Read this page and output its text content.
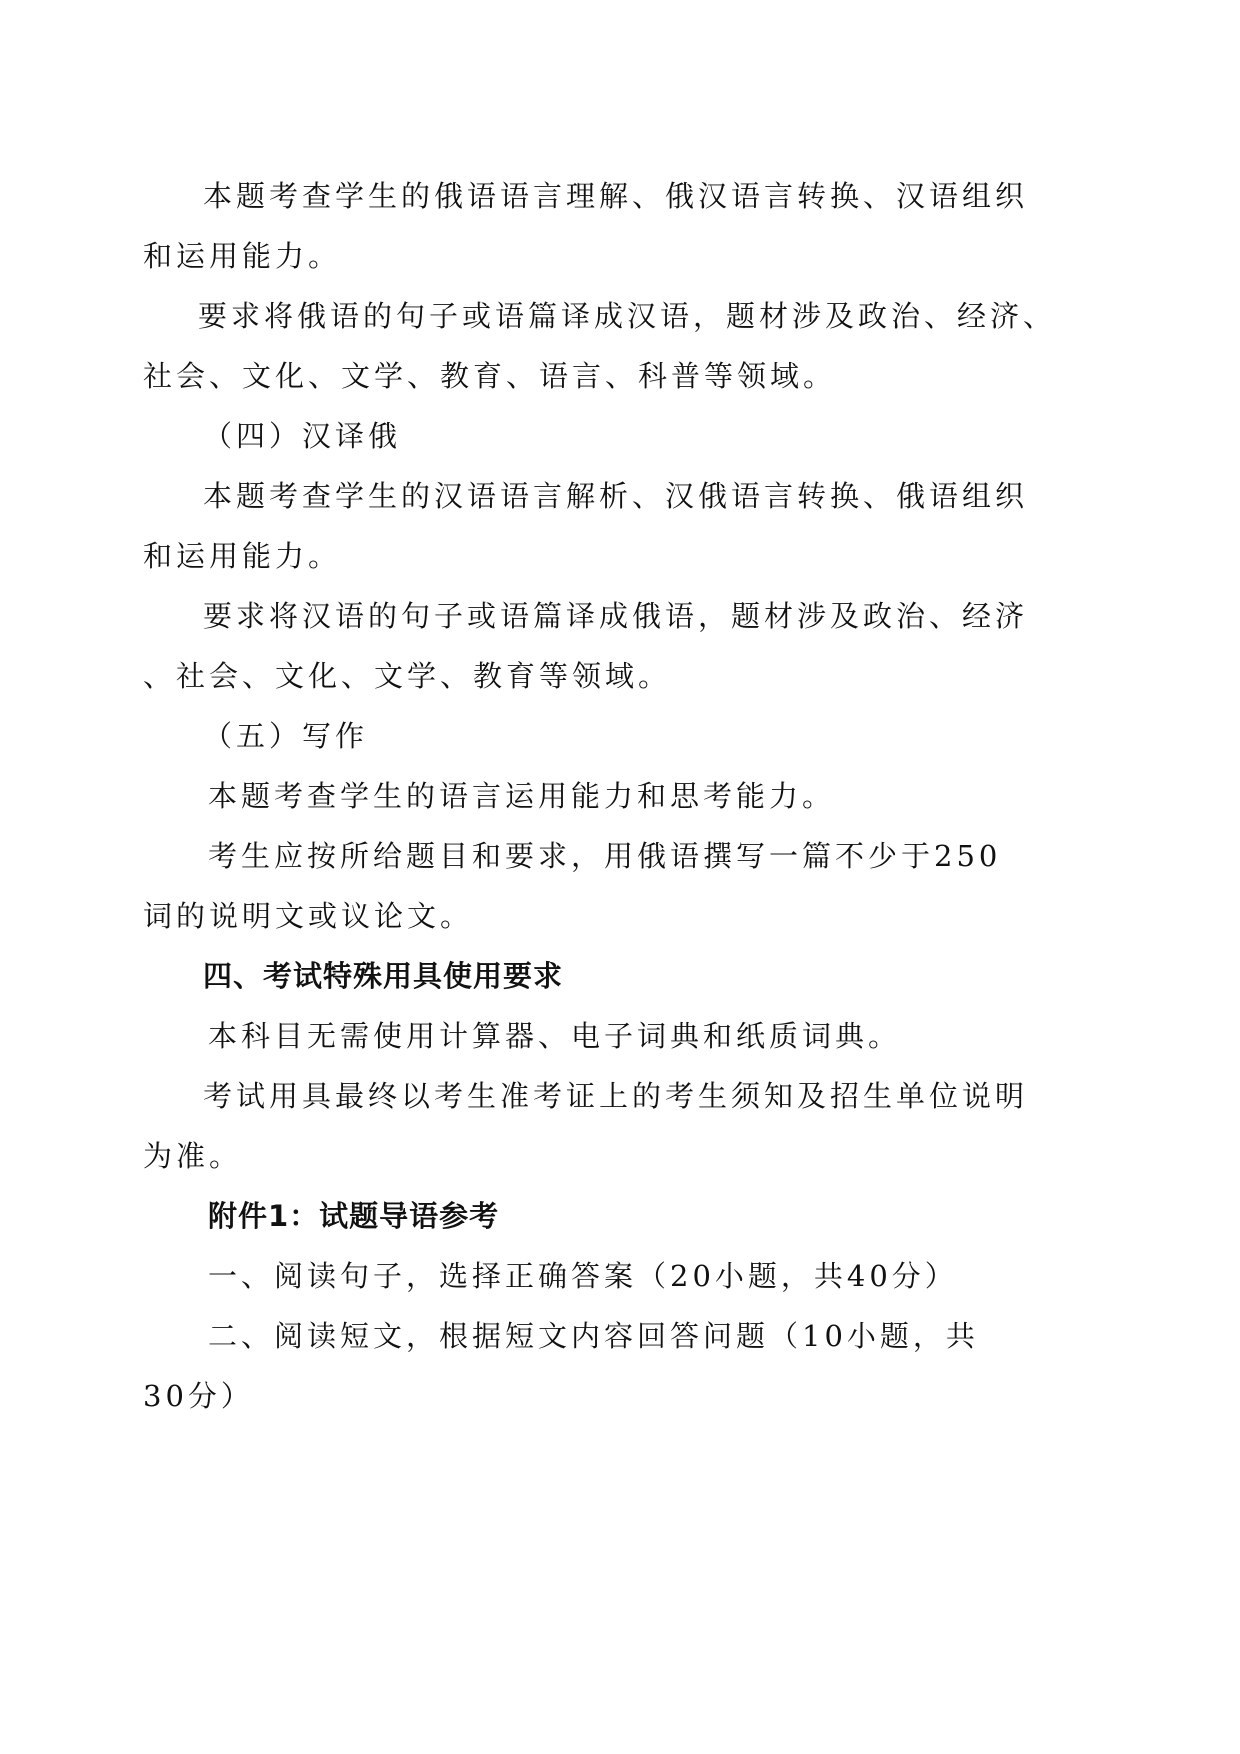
本题考查学生的俄语语言理解、俄汉语言转换、汉语组织
和运用能力。
要求将俄语的句子或语篇译成汉语，题材涉及政治、经济、
社会、文化、文学、教育、语言、科普等领域。
（四）汉译俄
本题考查学生的汉语语言解析、汉俄语言转换、俄语组织
和运用能力。
要求将汉语的句子或语篇译成俄语，题材涉及政治、经济
、社会、文化、文学、教育等领域。
（五）写作
本题考查学生的语言运用能力和思考能力。
考生应按所给题目和要求，用俄语撰写一篇不少于250
词的说明文或议论文。
四、考试特殊用具使用要求
本科目无需使用计算器、电子词典和纸质词典。
考试用具最终以考生准考证上的考生须知及招生单位说明
为准。
附件1：试题导语参考
一、阅读句子，选择正确答案（20小题，共40分）
二、阅读短文，根据短文内容回答问题（10小题，共
30分）
